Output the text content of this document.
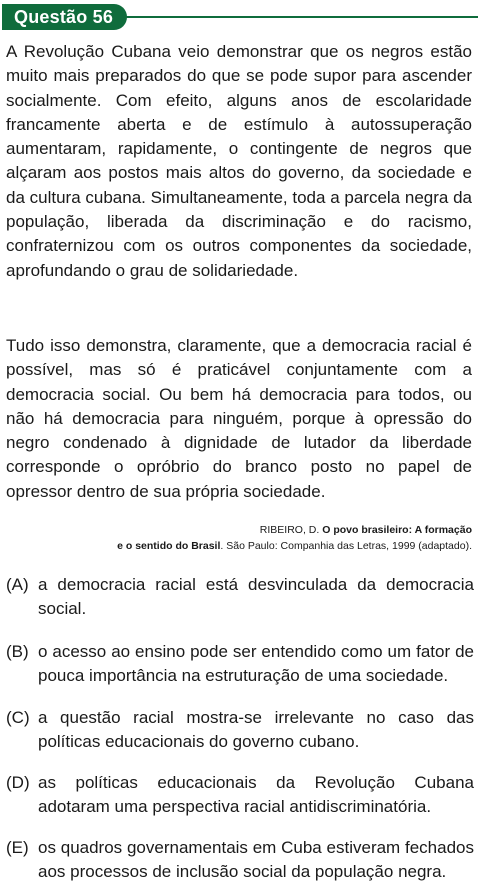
Questão 56
A Revolução Cubana veio demonstrar que os negros estão muito mais preparados do que se pode supor para ascender socialmente. Com efeito, alguns anos de escolaridade francamente aberta e de estímulo à autossuperação aumentaram, rapidamente, o contingente de negros que alçaram aos postos mais altos do governo, da sociedade e da cultura cubana. Simultaneamente, toda a parcela negra da população, liberada da discriminação e do racismo, confraternizou com os outros componentes da sociedade, aprofundando o grau de solidariedade.
Tudo isso demonstra, claramente, que a democracia racial é possível, mas só é praticável conjuntamente com a democracia social. Ou bem há democracia para todos, ou não há democracia para ninguém, porque à opressão do negro condenado à dignidade de lutador da liberdade corresponde o opróbrio do branco posto no papel de opressor dentro de sua própria sociedade.
RIBEIRO, D. O povo brasileiro: A formação
e o sentido do Brasil. São Paulo: Companhia das Letras, 1999 (adaptado).
(A) a democracia racial está desvinculada da democracia social.
(B) o acesso ao ensino pode ser entendido como um fator de pouca importância na estruturação de uma sociedade.
(C) a questão racial mostra-se irrelevante no caso das políticas educacionais do governo cubano.
(D) as políticas educacionais da Revolução Cubana adotaram uma perspectiva racial antidiscriminatória.
(E) os quadros governamentais em Cuba estiveram fechados aos processos de inclusão social da população negra.
